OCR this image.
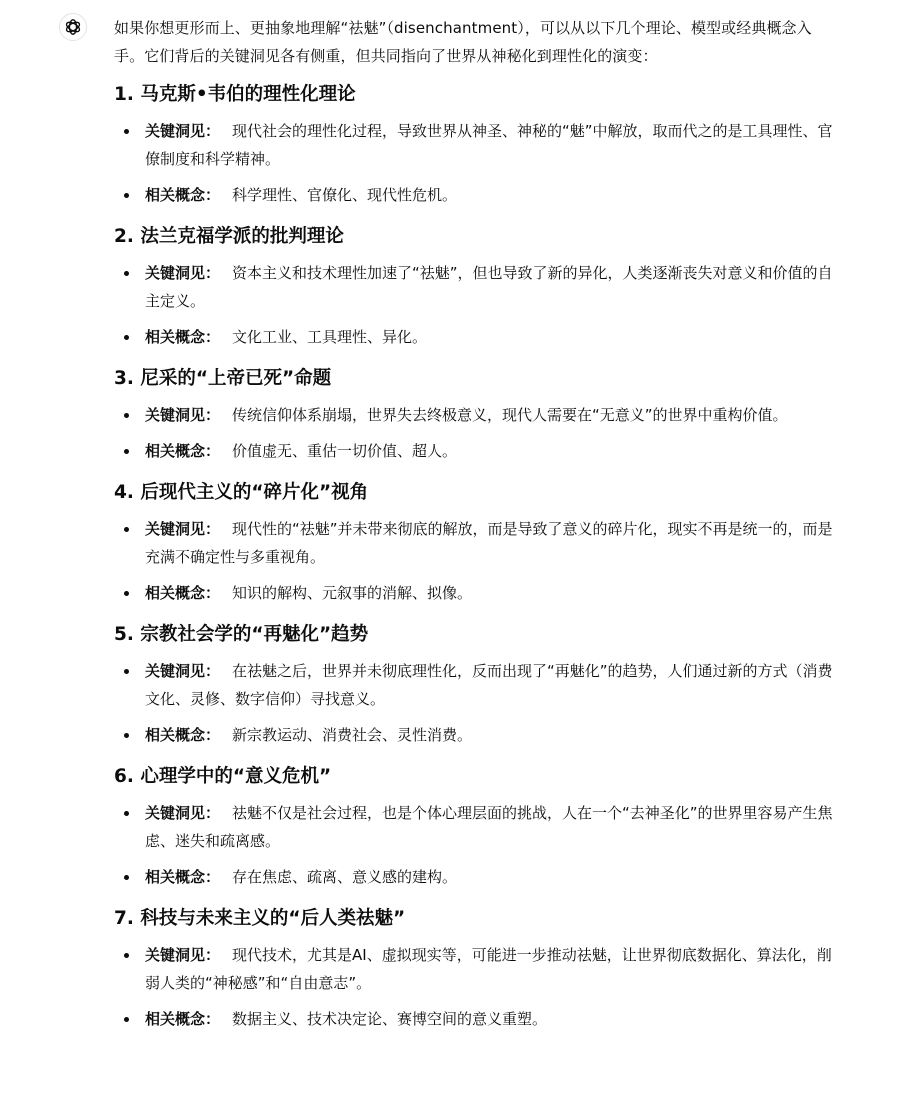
如果你想更形而上、更抽象地理解“祛魅”（disenchantment），可以从以下几个理论、模型或经典概念入手。它们背后的关键洞见各有侧重，但共同指向了世界从神秘化到理性化的演变：

1. 马克斯•韦伯的理性化理论
关键洞见： 现代社会的理性化过程，导致世界从神圣、神秘的“魅”中解放，取而代之的是工具理性、官僚制度和科学精神。
相关概念： 科学理性、官僚化、现代性危机。
2. 法兰克福学派的批判理论
关键洞见： 资本主义和技术理性加速了“祛魅”，但也导致了新的异化，人类逐渐丧失对意义和价值的自主定义。
相关概念： 文化工业、工具理性、异化。
3. 尼采的“上帝已死”命题
关键洞见： 传统信仰体系崩塌，世界失去终极意义，现代人需要在“无意义”的世界中重构价值。
相关概念： 价值虚无、重估一切价值、超人。
4. 后现代主义的“碎片化”视角
关键洞见： 现代性的“祛魅”并未带来彻底的解放，而是导致了意义的碎片化，现实不再是统一的，而是充满不确定性与多重视角。
相关概念： 知识的解构、元叙事的消解、拟像。
5. 宗教社会学的“再魅化”趋势
关键洞见： 在祛魅之后，世界并未彻底理性化，反而出现了“再魅化”的趋势，人们通过新的方式（消费文化、灵修、数字信仰）寻找意义。
相关概念： 新宗教运动、消费社会、灵性消费。
6. 心理学中的“意义危机”
关键洞见： 祛魅不仅是社会过程，也是个体心理层面的挑战，人在一个“去神圣化”的世界里容易产生焦虑、迷失和疏离感。
相关概念： 存在焦虑、疏离、意义感的建构。
7. 科技与未来主义的“后人类祛魅”
关键洞见： 现代技术，尤其是AI、虚拟现实等，可能进一步推动祛魅，让世界彻底数据化、算法化，削弱人类的“神秘感”和“自由意志”。
相关概念： 数据主义、技术决定论、赛博空间的意义重塑。
